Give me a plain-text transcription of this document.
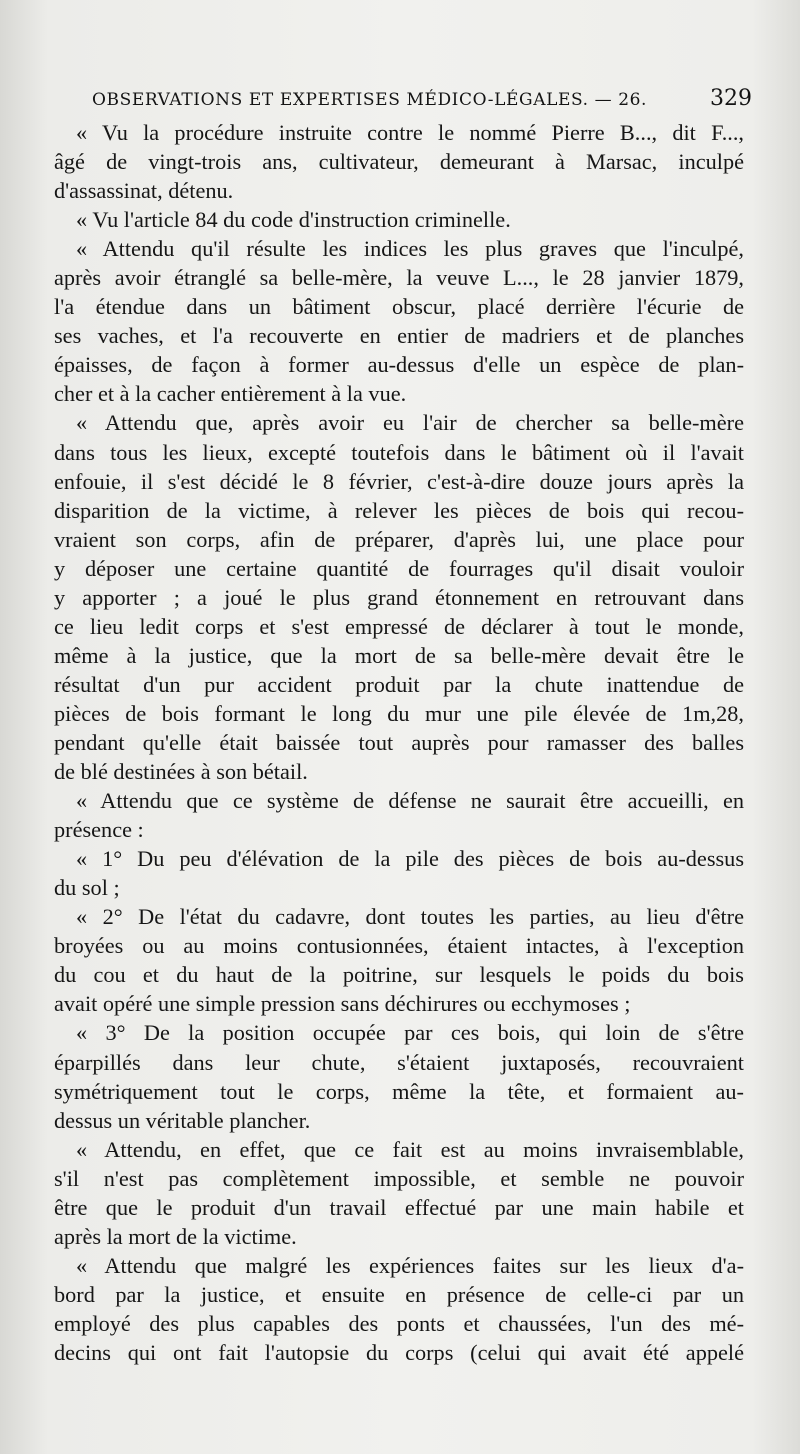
OBSERVATIONS ET EXPERTISES MÉDICO-LÉGALES. — 26.	329
« Vu la procédure instruite contre le nommé Pierre B..., dit F...,
âgé de vingt-trois ans, cultivateur, demeurant à Marsac, inculpé
d'assassinat, détenu.
« Vu l'article 84 du code d'instruction criminelle.
« Attendu qu'il résulte les indices les plus graves que l'inculpé,
après avoir étranglé sa belle-mère, la veuve L..., le 28 janvier 1879,
l'a étendue dans un bâtiment obscur, placé derrière l'écurie de
ses vaches, et l'a recouverte en entier de madriers et de planches
épaisses, de façon à former au-dessus d'elle un espèce de plan-
cher et à la cacher entièrement à la vue.
« Attendu que, après avoir eu l'air de chercher sa belle-mère
dans tous les lieux, excepté toutefois dans le bâtiment où il l'avait
enfouie, il s'est décidé le 8 février, c'est-à-dire douze jours après la
disparition de la victime, à relever les pièces de bois qui recou-
vraient son corps, afin de préparer, d'après lui, une place pour
y déposer une certaine quantité de fourrages qu'il disait vouloir
y apporter ; a joué le plus grand étonnement en retrouvant dans
ce lieu ledit corps et s'est empressé de déclarer à tout le monde,
même à la justice, que la mort de sa belle-mère devait être le
résultat d'un pur accident produit par la chute inattendue de
pièces de bois formant le long du mur une pile élevée de 1m,28,
pendant qu'elle était baissée tout auprès pour ramasser des balles
de blé destinées à son bétail.
« Attendu que ce système de défense ne saurait être accueilli, en
présence :
« 1° Du peu d'élévation de la pile des pièces de bois au-dessus
du sol ;
« 2° De l'état du cadavre, dont toutes les parties, au lieu d'être
broyées ou au moins contusionnées, étaient intactes, à l'exception
du cou et du haut de la poitrine, sur lesquels le poids du bois
avait opéré une simple pression sans déchirures ou ecchymoses ;
« 3° De la position occupée par ces bois, qui loin de s'être
éparpillés dans leur chute, s'étaient juxtaposés, recouvraient
symétriquement tout le corps, même la tête, et formaient au-
dessus un véritable plancher.
« Attendu, en effet, que ce fait est au moins invraisemblable,
s'il n'est pas complètement impossible, et semble ne pouvoir
être que le produit d'un travail effectué par une main habile et
après la mort de la victime.
« Attendu que malgré les expériences faites sur les lieux d'a-
bord par la justice, et ensuite en présence de celle-ci par un
employé des plus capables des ponts et chaussées, l'un des mé-
decins qui ont fait l'autopsie du corps (celui qui avait été appelé
